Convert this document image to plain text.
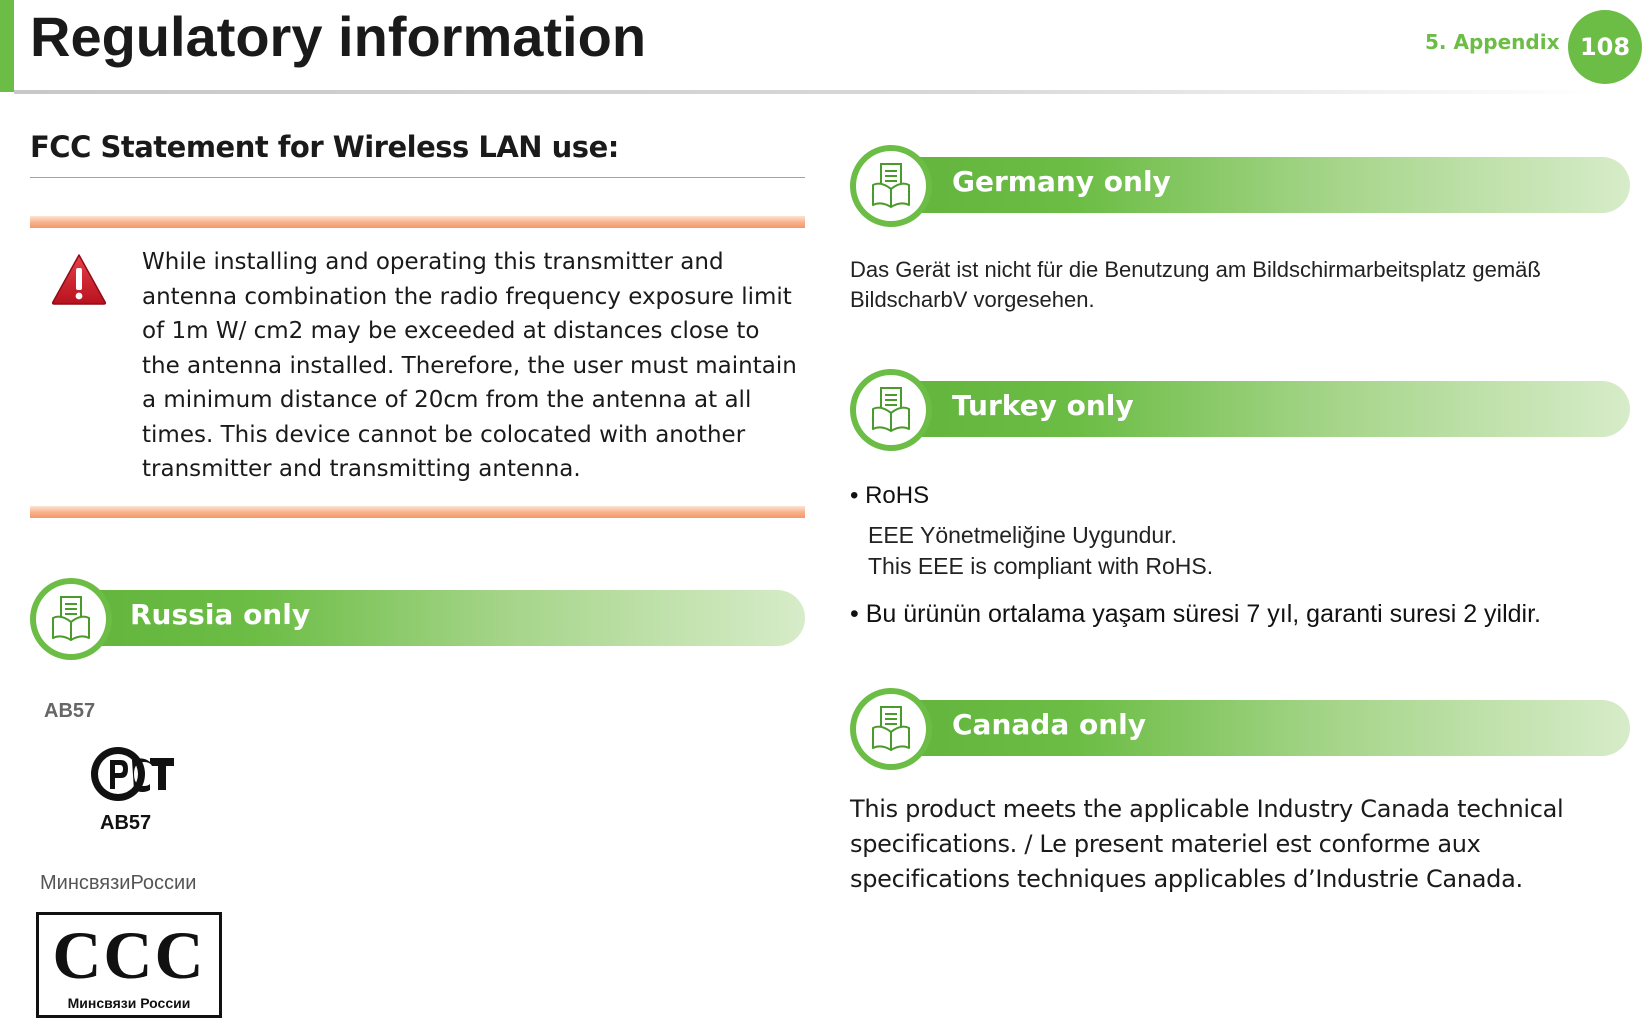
Regulatory information	5. Appendix 108
FCC Statement for Wireless LAN use:
While installing and operating this transmitter and antenna combination the radio frequency exposure limit of 1m W/ cm2 may be exceeded at distances close to the antenna installed. Therefore, the user must maintain a minimum distance of 20cm from the antenna at all times. This device cannot be colocated with another transmitter and transmitting antenna.
Russia only
AB57
AB57
МинсвязиРоссии
CCC
Минсвязи России
Germany only
Das Gerät ist nicht für die Benutzung am Bildschirmarbeitsplatz gemäß BildscharbV vorgesehen.
Turkey only
• RoHS
EEE Yönetmeliğine Uygundur.
This EEE is compliant with RoHS.
• Bu ürünün ortalama yaşam süresi 7 yıl, garanti suresi 2 yildir.
Canada only
This product meets the applicable Industry Canada technical specifications. / Le present materiel est conforme aux specifications techniques applicables d’Industrie Canada.
